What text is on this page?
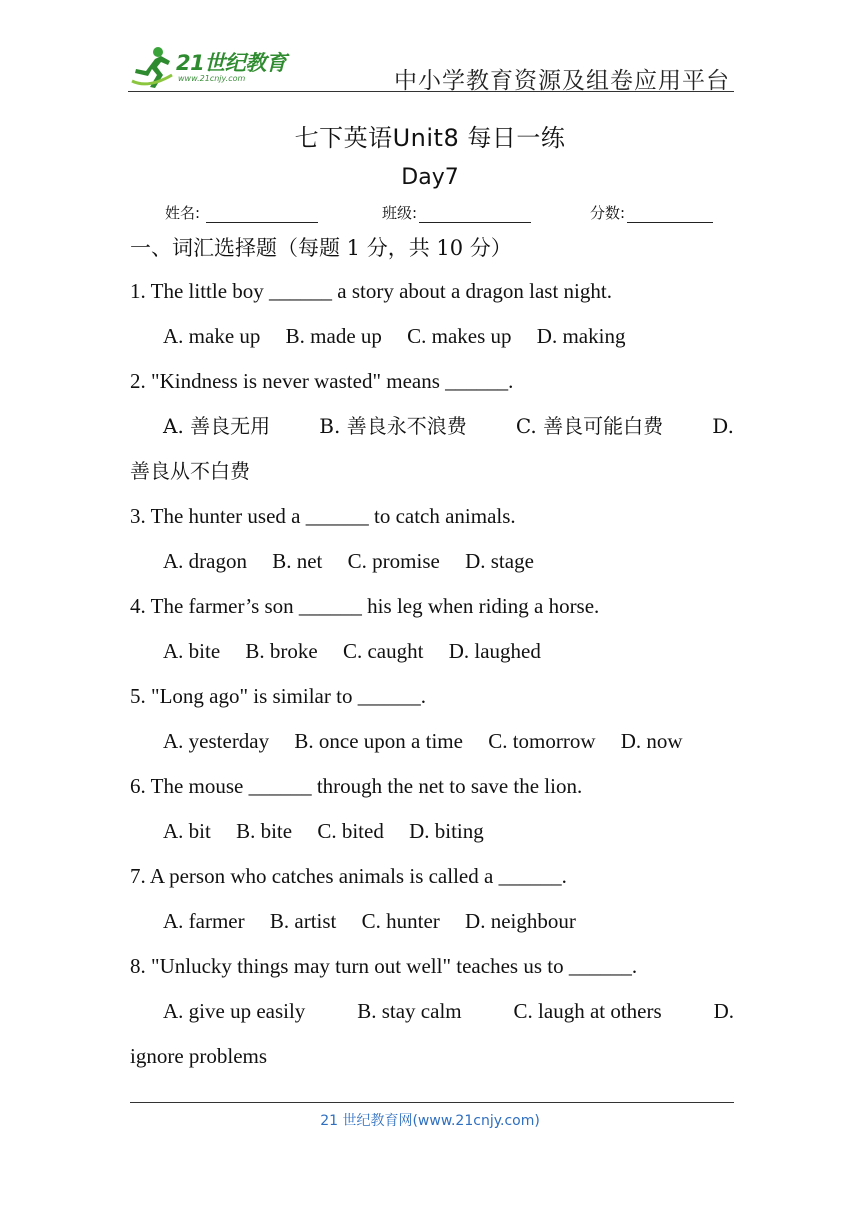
21世纪教育
www.21cnjy.com	中小学教育资源及组卷应用平台
七下英语Unit8 每日一练
Day7
姓名:	班级:	分数:
一、词汇选择题（每题 1 分，共 10 分）
1. The little boy ______ a story about a dragon last night.
A. make up B. made up C. makes up D. making
2. "Kindness is never wasted" means ______.
A. 善良无用 B. 善良永不浪费 C. 善良可能白费 D.
善良从不白费
3. The hunter used a ______ to catch animals.
A. dragon B. net C. promise D. stage
4. The farmer’s son ______ his leg when riding a horse.
A. bite B. broke C. caught D. laughed
5. "Long ago" is similar to ______.
A. yesterday B. once upon a time C. tomorrow D. now
6. The mouse ______ through the net to save the lion.
A. bit B. bite C. bited D. biting
7. A person who catches animals is called a ______.
A. farmer B. artist C. hunter D. neighbour
8. "Unlucky things may turn out well" teaches us to ______.
A. give up easily B. stay calm C. laugh at others D.
ignore problems
21 世纪教育网(www.21cnjy.com)
